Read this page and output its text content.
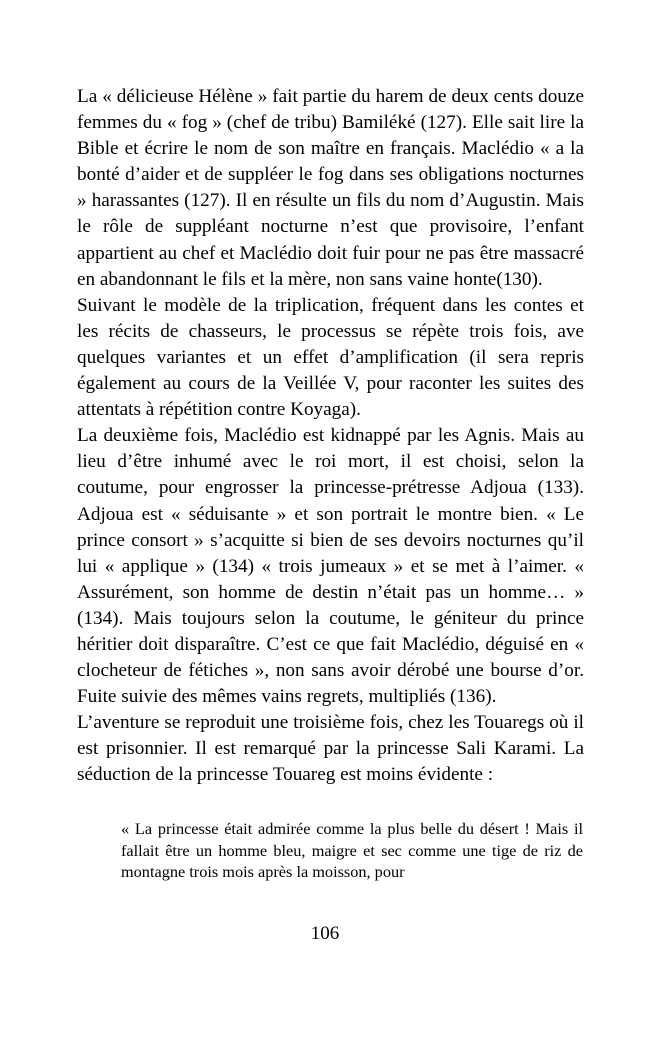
La « délicieuse Hélène » fait partie du harem de deux cents douze femmes du « fog » (chef de tribu) Bamiléké (127). Elle sait lire la Bible et écrire le nom de son maître en français. Maclédio « a la bonté d’aider et de suppléer le fog dans ses obligations nocturnes » harassantes (127). Il en résulte un fils du nom d’Augustin. Mais le rôle de suppléant nocturne n’est que provisoire, l’enfant appartient au chef et Maclédio doit fuir pour ne pas être massacré en abandonnant le fils et la mère, non sans vaine honte(130).

Suivant le modèle de la triplication, fréquent dans les contes et les récits de chasseurs, le processus se répète trois fois, ave quelques variantes et un effet d’amplification (il sera repris également au cours de la Veillée V, pour raconter les suites des attentats à répétition contre Koyaga).

La deuxième fois, Maclédio est kidnappé par les Agnis. Mais au lieu d’être inhumé avec le roi mort, il est choisi, selon la coutume, pour engrosser la princesse-prétresse Adjoua (133). Adjoua est « séduisante » et son portrait le montre bien. « Le prince consort » s’acquitte si bien de ses devoirs nocturnes qu’il lui « applique » (134) « trois jumeaux » et se met à l’aimer. « Assurément, son homme de destin n’était pas un homme… » (134). Mais toujours selon la coutume, le géniteur du prince héritier doit disparaître. C’est ce que fait Maclédio, déguisé en « clocheteur de fétiches », non sans avoir dérobé une bourse d’or. Fuite suivie des mêmes vains regrets, multipliés (136).

L’aventure se reproduit une troisième fois, chez les Touaregs où il est prisonnier. Il est remarqué par la princesse Sali Karami. La séduction de la princesse Touareg est moins évidente :

« La princesse était admirée comme la plus belle du désert ! Mais il fallait être un homme bleu, maigre et sec comme une tige de riz de montagne trois mois après la moisson, pour

106
